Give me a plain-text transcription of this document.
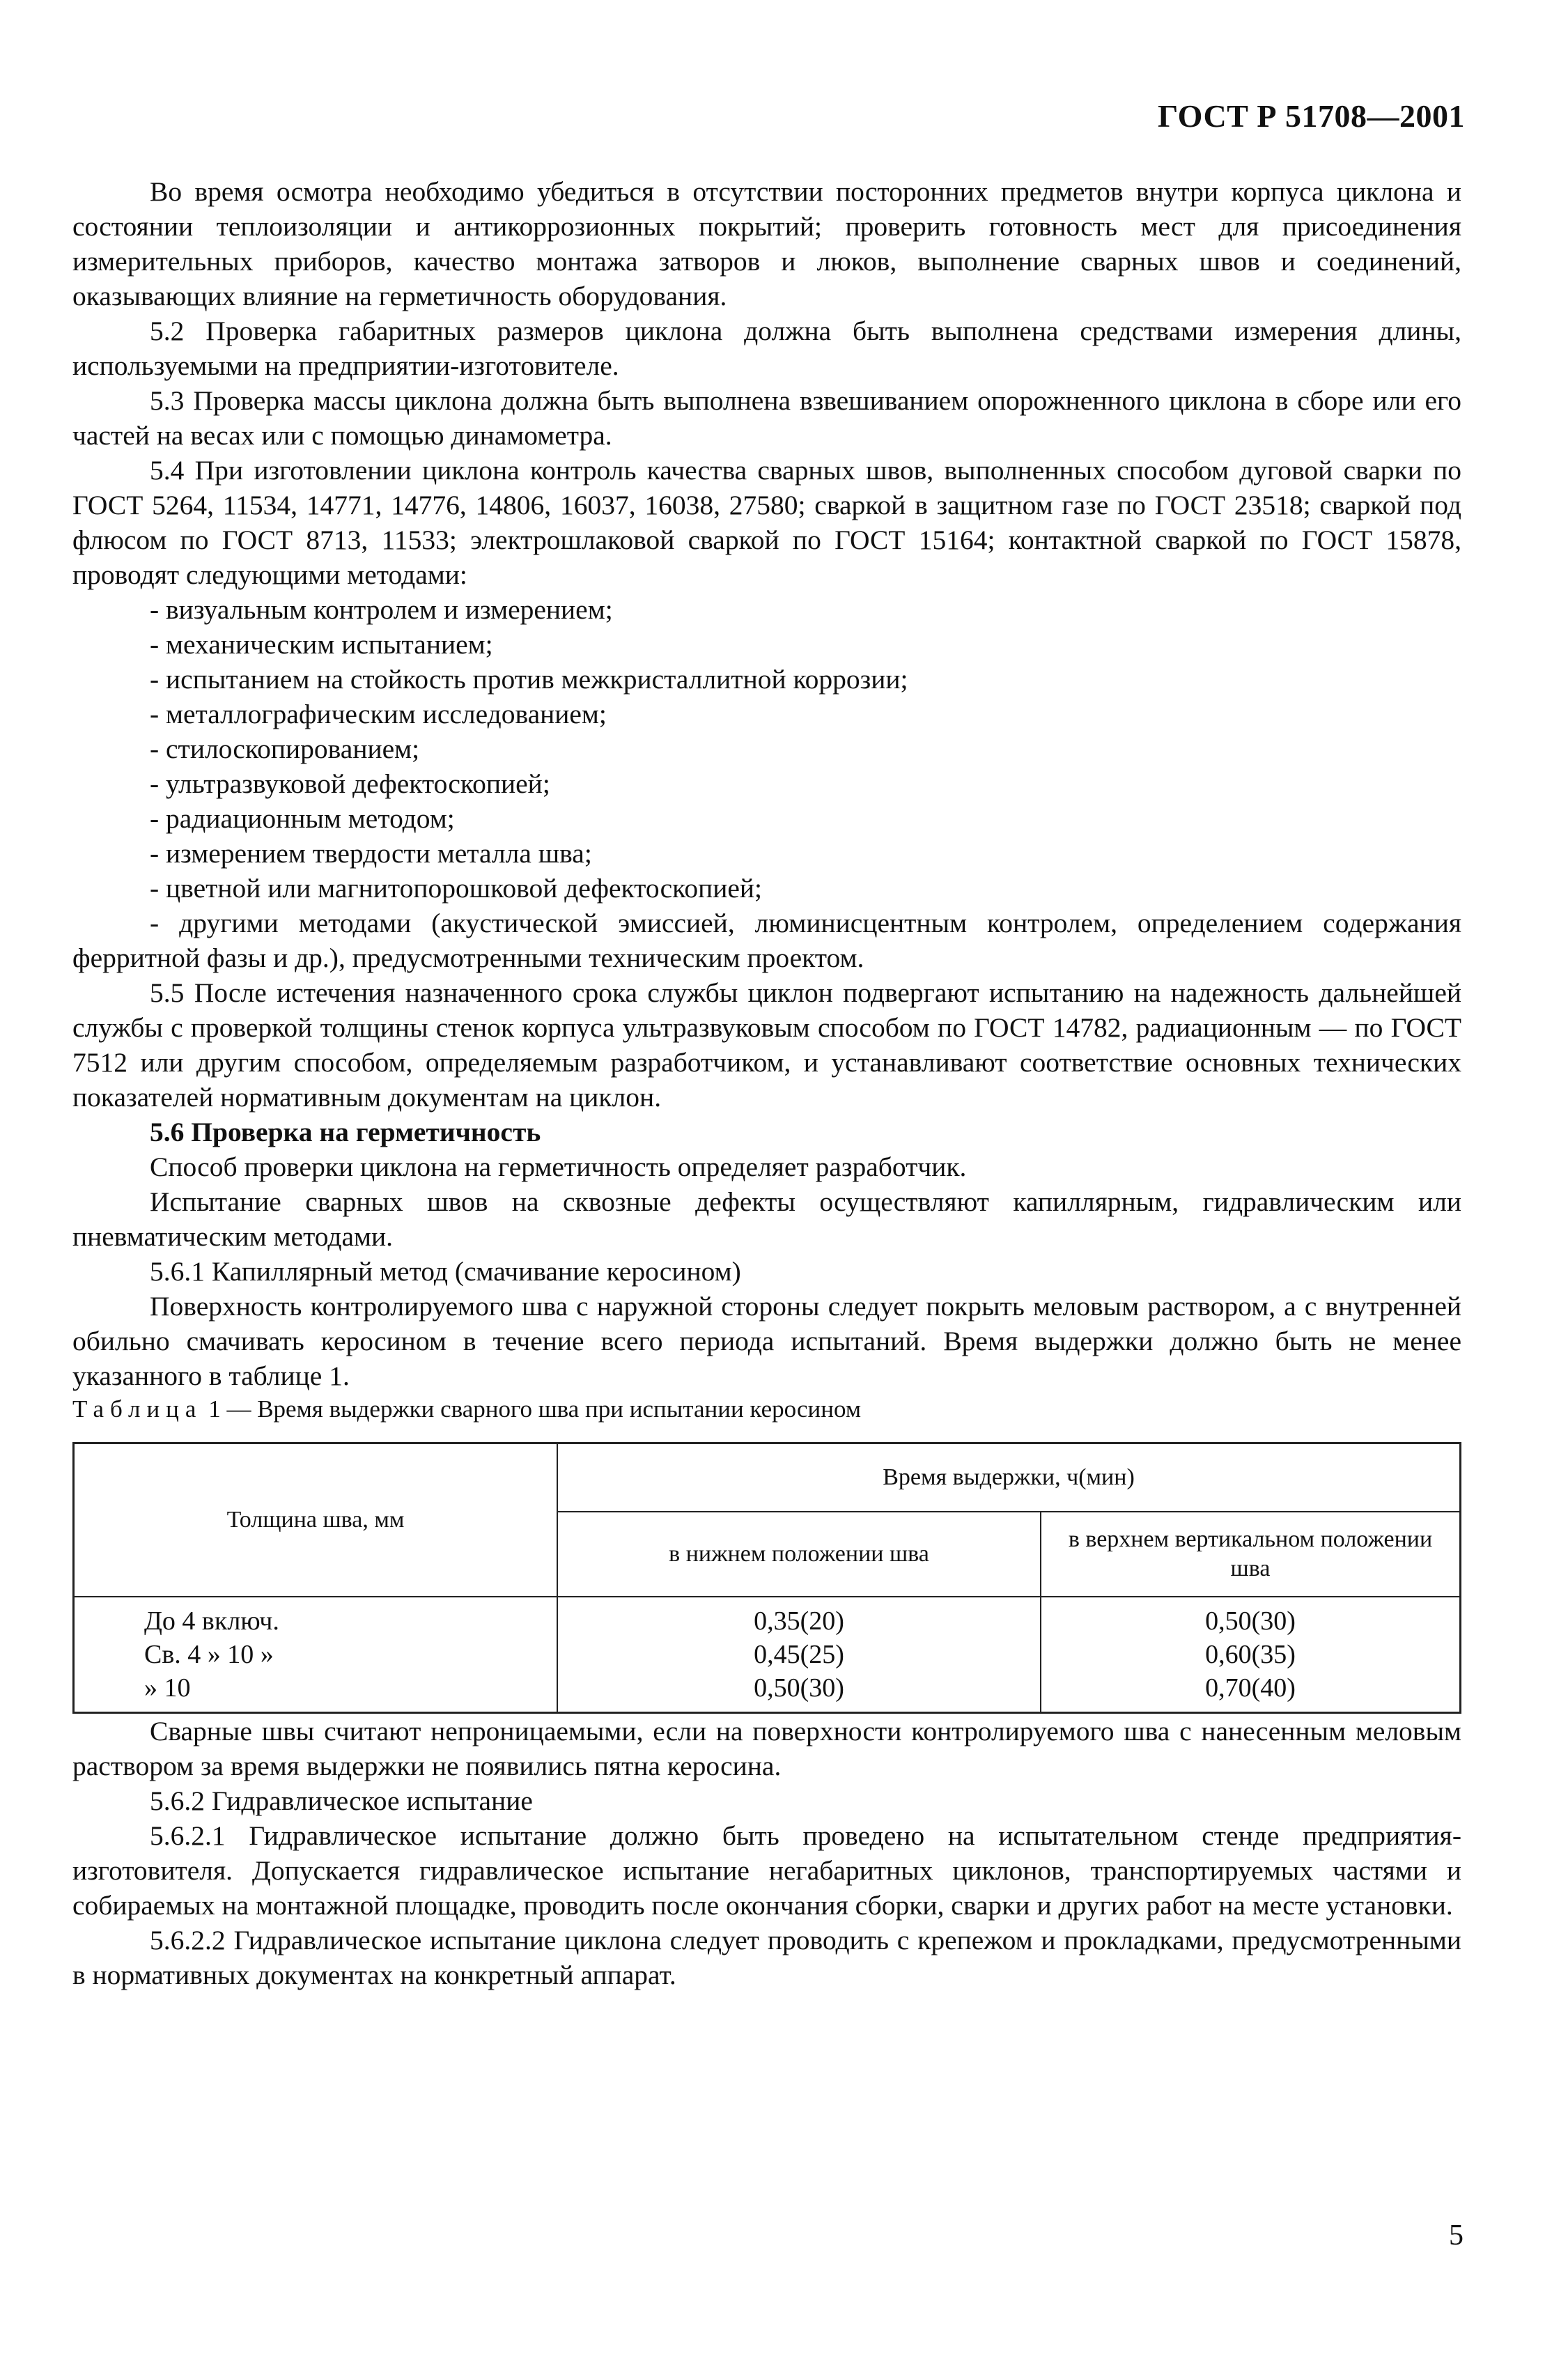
ГОСТ Р 51708—2001

Во время осмотра необходимо убедиться в отсутствии посторонних предметов внутри корпуса циклона и состоянии теплоизоляции и антикоррозионных покрытий; проверить готовность мест для присоединения измерительных приборов, качество монтажа затворов и люков, выполнение сварных швов и соединений, оказывающих влияние на герметичность оборудования.

5.2 Проверка габаритных размеров циклона должна быть выполнена средствами измерения длины, используемыми на предприятии-изготовителе.

5.3 Проверка массы циклона должна быть выполнена взвешиванием опорожненного циклона в сборе или его частей на весах или с помощью динамометра.

5.4 При изготовлении циклона контроль качества сварных швов, выполненных способом дуговой сварки по ГОСТ 5264, 11534, 14771, 14776, 14806, 16037, 16038, 27580; сваркой в защитном газе по ГОСТ 23518; сваркой под флюсом по ГОСТ 8713, 11533; электрошлаковой сваркой по ГОСТ 15164; контактной сваркой по ГОСТ 15878, проводят следующими методами:

- визуальным контролем и измерением;
- механическим испытанием;
- испытанием на стойкость против межкристаллитной коррозии;
- металлографическим исследованием;
- стилоскопированием;
- ультразвуковой дефектоскопией;
- радиационным методом;
- измерением твердости металла шва;
- цветной или магнитопорошковой дефектоскопией;
- другими методами (акустической эмиссией, люминисцентным контролем, определением содержания ферритной фазы и др.), предусмотренными техническим проектом.

5.5 После истечения назначенного срока службы циклон подвергают испытанию на надежность дальнейшей службы с проверкой толщины стенок корпуса ультразвуковым способом по ГОСТ 14782, радиационным — по ГОСТ 7512 или другим способом, определяемым разработчиком, и устанавливают соответствие основных технических показателей нормативным документам на циклон.

5.6 Проверка на герметичность

Способ проверки циклона на герметичность определяет разработчик.

Испытание сварных швов на сквозные дефекты осуществляют капиллярным, гидравлическим или пневматическим методами.

5.6.1 Капиллярный метод (смачивание керосином)

Поверхность контролируемого шва с наружной стороны следует покрыть меловым раствором, а с внутренней обильно смачивать керосином в течение всего периода испытаний. Время выдержки должно быть не менее указанного в таблице 1.

Таблица 1 — Время выдержки сварного шва при испытании керосином

Толщина шва, мм	Время выдержки, ч(мин)	
	в нижнем положении шва	в верхнем вертикальном положении шва
До 4 включ.	0,35(20)	0,50(30)
Св. 4 » 10 »	0,45(25)	0,60(35)
» 10	0,50(30)	0,70(40)

Сварные швы считают непроницаемыми, если на поверхности контролируемого шва с нанесенным меловым раствором за время выдержки не появились пятна керосина.

5.6.2 Гидравлическое испытание

5.6.2.1 Гидравлическое испытание должно быть проведено на испытательном стенде предприятия-изготовителя. Допускается гидравлическое испытание негабаритных циклонов, транспортируемых частями и собираемых на монтажной площадке, проводить после окончания сборки, сварки и других работ на месте установки.

5.6.2.2 Гидравлическое испытание циклона следует проводить с крепежом и прокладками, предусмотренными в нормативных документах на конкретный аппарат.

5
